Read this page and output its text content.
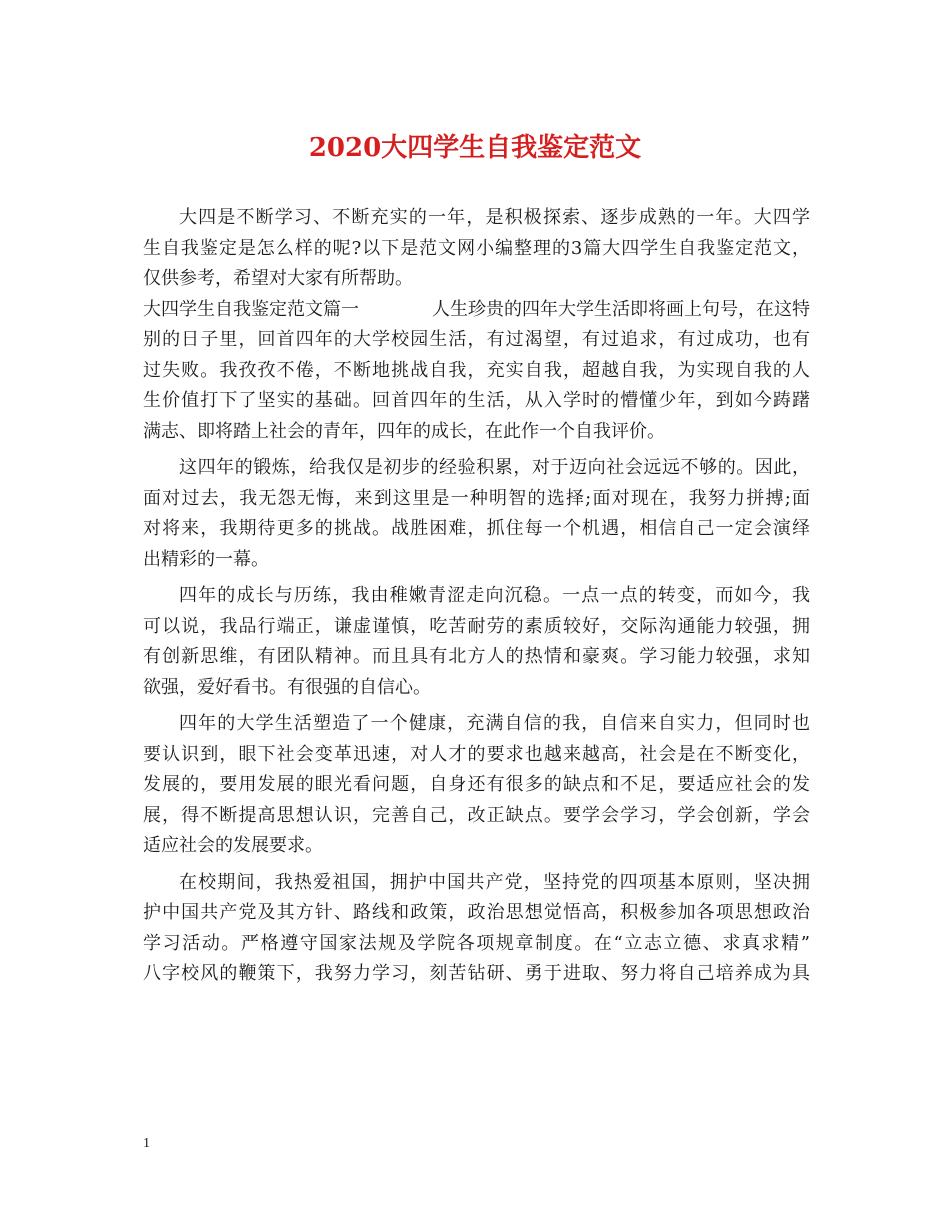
2020大四学生自我鉴定范文
大四是不断学习、不断充实的一年，是积极探索、逐步成熟的一年。大四学
生自我鉴定是怎么样的呢?以下是范文网小编整理的3篇大四学生自我鉴定范文，
仅供参考，希望对大家有所帮助。
大四学生自我鉴定范文篇一	人生珍贵的四年大学生活即将画上句号，在这特
别的日子里，回首四年的大学校园生活，有过渴望，有过追求，有过成功，也有
过失败。我孜孜不倦，不断地挑战自我，充实自我，超越自我，为实现自我的人
生价值打下了坚实的基础。回首四年的生活，从入学时的懵懂少年，到如今踌躇
满志、即将踏上社会的青年，四年的成长，在此作一个自我评价。
这四年的锻炼，给我仅是初步的经验积累，对于迈向社会远远不够的。因此，
面对过去，我无怨无悔，来到这里是一种明智的选择;面对现在，我努力拼搏;面
对将来，我期待更多的挑战。战胜困难，抓住每一个机遇，相信自己一定会演绎
出精彩的一幕。
四年的成长与历练，我由稚嫩青涩走向沉稳。一点一点的转变，而如今，我
可以说，我品行端正，谦虚谨慎，吃苦耐劳的素质较好，交际沟通能力较强，拥
有创新思维，有团队精神。而且具有北方人的热情和豪爽。学习能力较强，求知
欲强，爱好看书。有很强的自信心。
四年的大学生活塑造了一个健康，充满自信的我，自信来自实力，但同时也
要认识到，眼下社会变革迅速，对人才的要求也越来越高，社会是在不断变化，
发展的，要用发展的眼光看问题，自身还有很多的缺点和不足，要适应社会的发
展，得不断提高思想认识，完善自己，改正缺点。要学会学习，学会创新，学会
适应社会的发展要求。
在校期间，我热爱祖国，拥护中国共产党，坚持党的四项基本原则，坚决拥
护中国共产党及其方针、路线和政策，政治思想觉悟高，积极参加各项思想政治
学习活动。严格遵守国家法规及学院各项规章制度。在“立志立德、求真求精”
八字校风的鞭策下，我努力学习，刻苦钻研、勇于进取、努力将自己培养成为具
1
